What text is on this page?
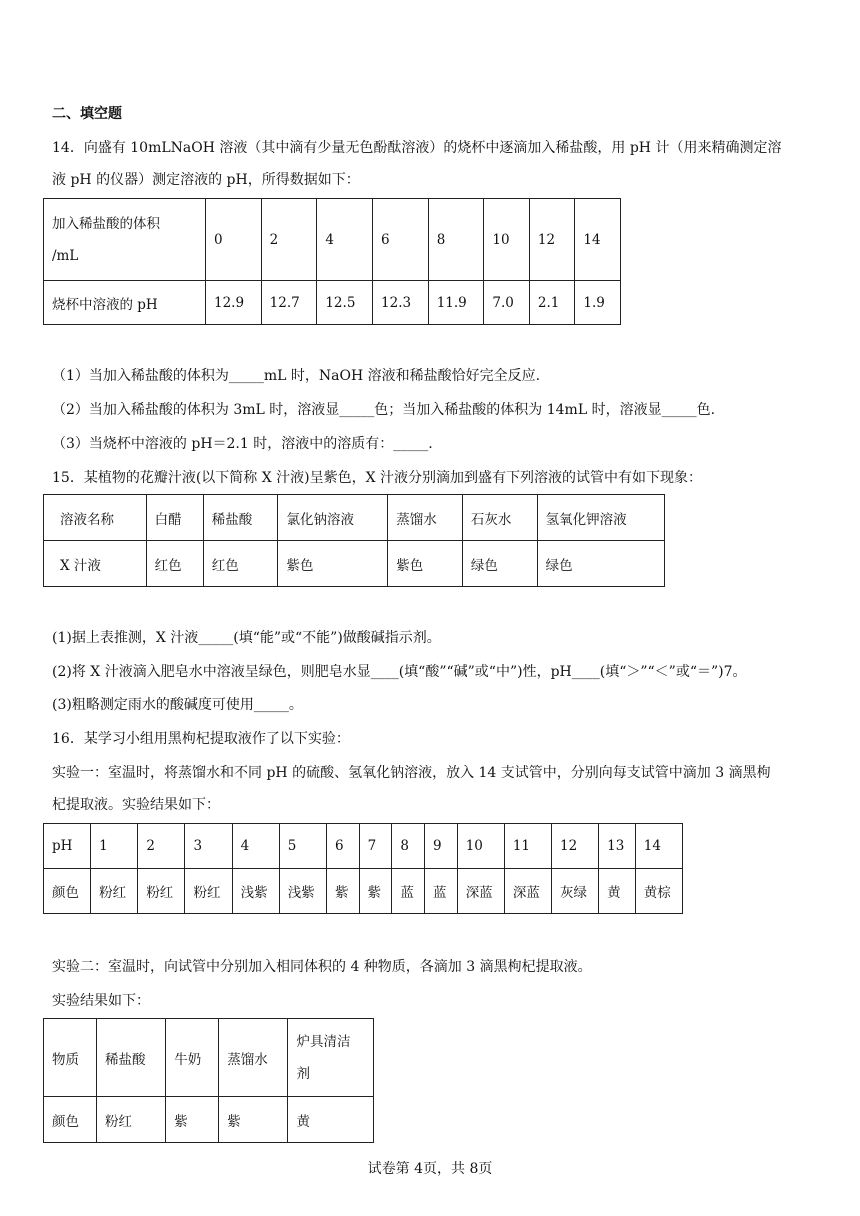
二、填空题
14．向盛有 10mLNaOH 溶液（其中滴有少量无色酚酞溶液）的烧杯中逐滴加入稀盐酸，用 pH 计（用来精确测定溶
液 pH 的仪器）测定溶液的 pH，所得数据如下：
加入稀盐酸的体积
/mL	0	2	4	6	8	10	12	14
烧杯中溶液的 pH	12.9	12.7	12.5	12.3	11.9	7.0	2.1	1.9
（1）当加入稀盐酸的体积为_____mL 时，NaOH 溶液和稀盐酸恰好完全反应.
（2）当加入稀盐酸的体积为 3mL 时，溶液显_____色；当加入稀盐酸的体积为 14mL 时，溶液显_____色.
（3）当烧杯中溶液的 pH＝2.1 时，溶液中的溶质有：_____.
15．某植物的花瓣汁液(以下简称 X 汁液)呈紫色，X 汁液分别滴加到盛有下列溶液的试管中有如下现象：
溶液名称	白醋	稀盐酸	氯化钠溶液	蒸馏水	石灰水	氢氧化钾溶液
X 汁液	红色	红色	紫色	紫色	绿色	绿色
(1)据上表推测，X 汁液_____(填“能”或“不能”)做酸碱指示剂。
(2)将 X 汁液滴入肥皂水中溶液呈绿色，则肥皂水显____(填“酸”“碱”或“中”)性，pH____(填“＞”“＜”或“＝”)7。
(3)粗略测定雨水的酸碱度可使用_____。
16．某学习小组用黑枸杞提取液作了以下实验：
实验一：室温时，将蒸馏水和不同 pH 的硫酸、氢氧化钠溶液，放入 14 支试管中，分别向每支试管中滴加 3 滴黑枸
杞提取液。实验结果如下：
pH	1	2	3	4	5	6	7	8	9	10	11	12	13	14
颜色	粉红	粉红	粉红	浅紫	浅紫	紫	紫	蓝	蓝	深蓝	深蓝	灰绿	黄	黄棕
实验二：室温时，向试管中分别加入相同体积的 4 种物质，各滴加 3 滴黑枸杞提取液。
实验结果如下：
物质	稀盐酸	牛奶	蒸馏水	炉具清洁
剂

颜色	粉红	紫	紫	黄
试卷第 4页，共 8页
